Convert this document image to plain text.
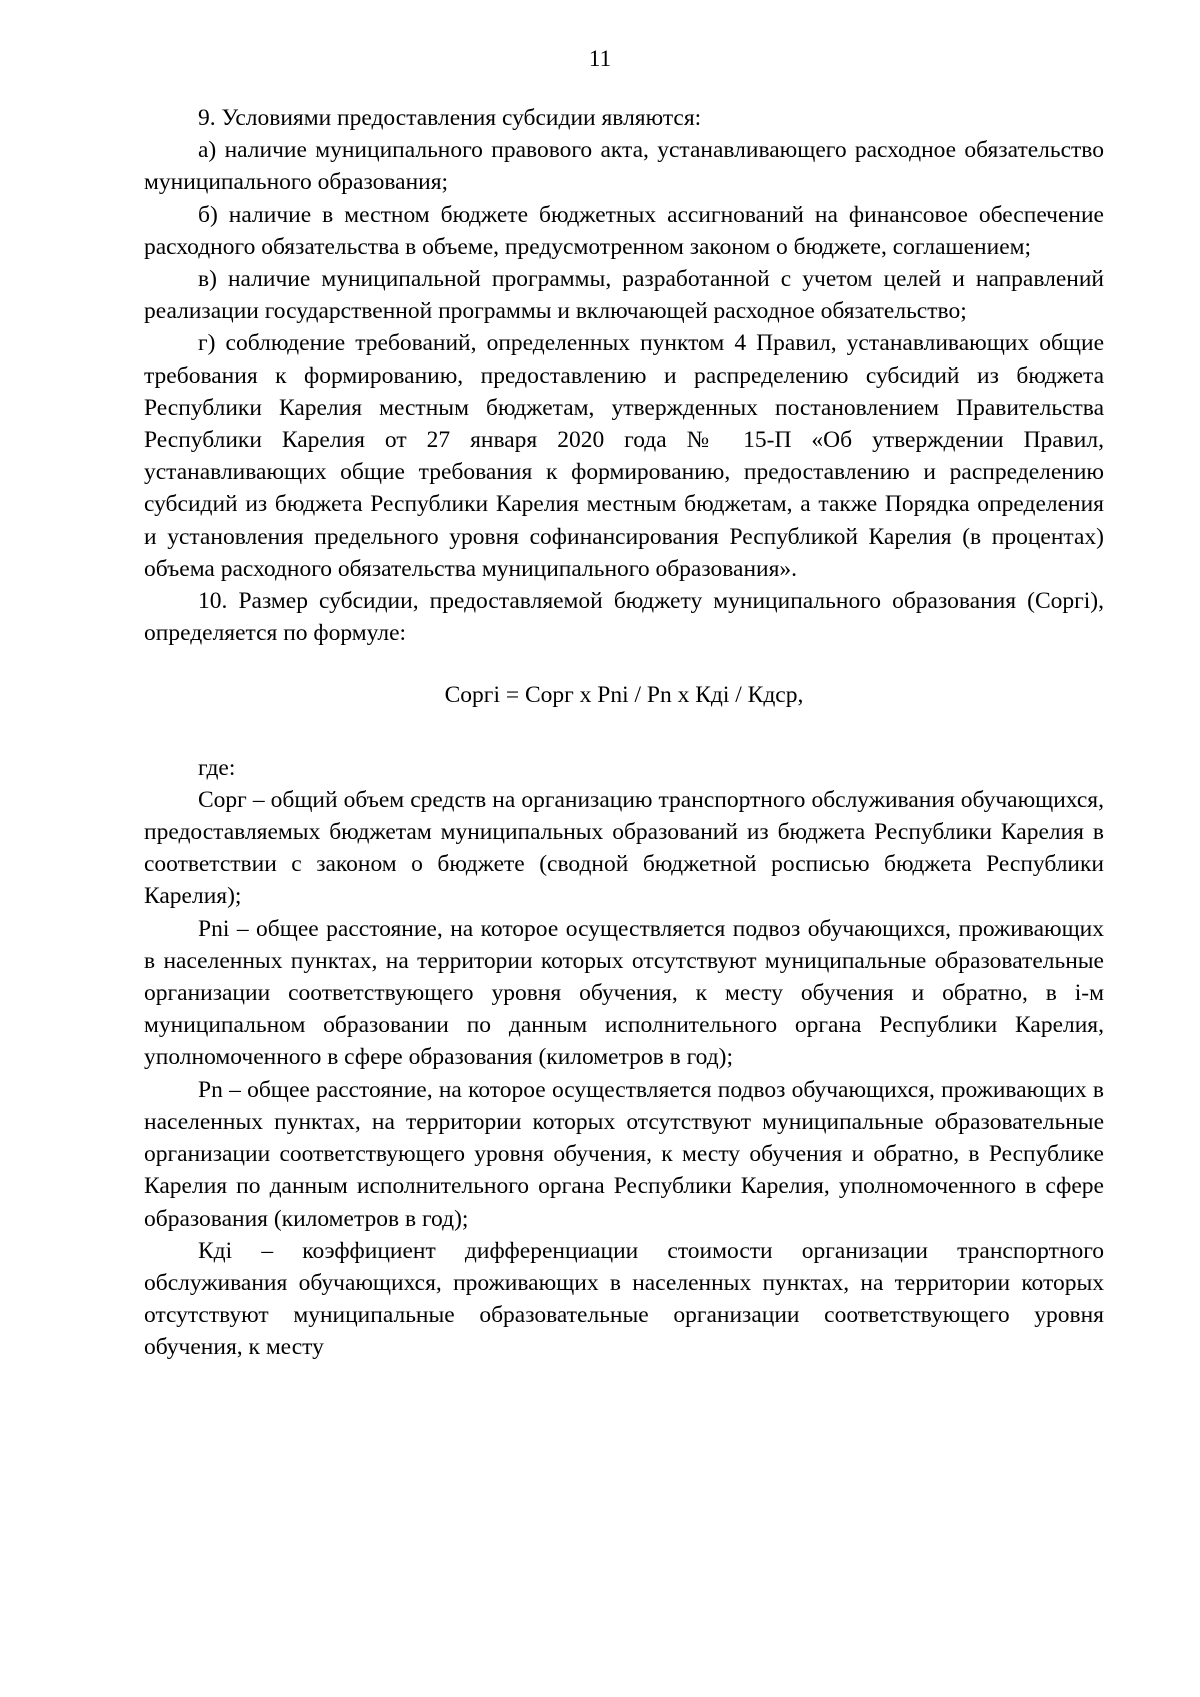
11

9. Условиями предоставления субсидии являются:

а) наличие муниципального правового акта, устанавливающего расходное обязательство муниципального образования;

б) наличие в местном бюджете бюджетных ассигнований на финансовое обеспечение расходного обязательства в объеме, предусмотренном законом о бюджете, соглашением;

в) наличие муниципальной программы, разработанной с учетом целей и направлений реализации государственной программы и включающей расходное обязательство;

г) соблюдение требований, определенных пунктом 4 Правил, устанавливающих общие требования к формированию, предоставлению и распределению субсидий из бюджета Республики Карелия местным бюджетам, утвержденных постановлением Правительства Республики Карелия от 27 января 2020 года № 15-П «Об утверждении Правил, устанавливающих общие требования к формированию, предоставлению и распределению субсидий из бюджета Республики Карелия местным бюджетам, а также Порядка определения и установления предельного уровня софинансирования Республикой Карелия (в процентах) объема расходного обязательства муниципального образования».

10. Размер субсидии, предоставляемой бюджету муниципального образования (Соргi), определяется по формуле:

Соргi = Сорг х Рni / Рn х Кдi / Кдср,

где:

Сорг – общий объем средств на организацию транспортного обслуживания обучающихся, предоставляемых бюджетам муниципальных образований из бюджета Республики Карелия в соответствии с законом о бюджете (сводной бюджетной росписью бюджета Республики Карелия);

Рni – общее расстояние, на которое осуществляется подвоз обучающихся, проживающих в населенных пунктах, на территории которых отсутствуют муниципальные образовательные организации соответствующего уровня обучения, к месту обучения и обратно, в i-м муниципальном образовании по данным исполнительного органа Республики Карелия, уполномоченного в сфере образования (километров в год);

Рn – общее расстояние, на которое осуществляется подвоз обучающихся, проживающих в населенных пунктах, на территории которых отсутствуют муниципальные образовательные организации соответствующего уровня обучения, к месту обучения и обратно, в Республике Карелия по данным исполнительного органа Республики Карелия, уполномоченного в сфере образования (километров в год);

Кдi – коэффициент дифференциации стоимости организации транспортного обслуживания обучающихся, проживающих в населенных пунктах, на территории которых отсутствуют муниципальные образовательные организации соответствующего уровня обучения, к месту
